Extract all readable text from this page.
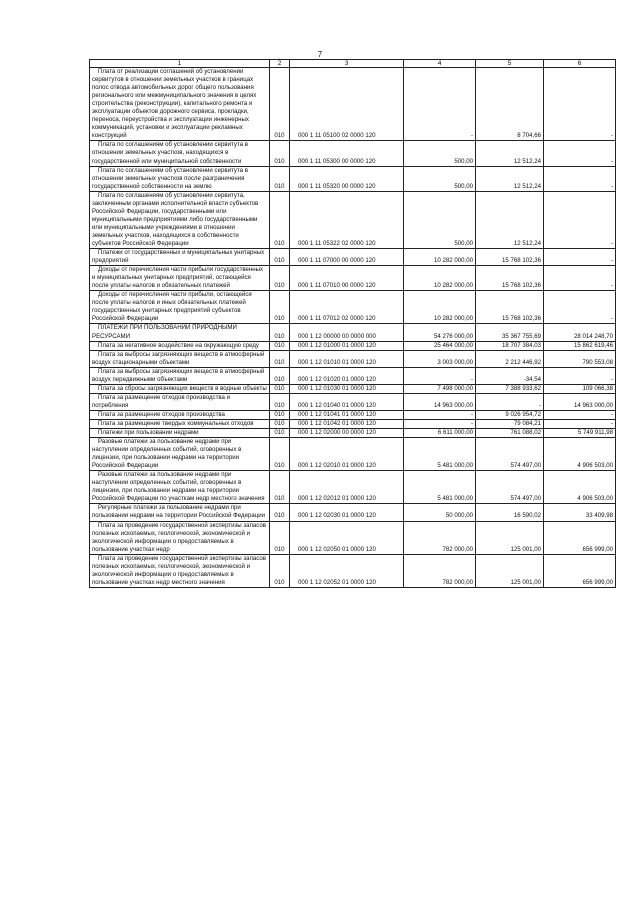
7
1	2	3	4	5	6

Плата от реализации соглашений об установлении сервитутов в отношении земельных участков в границах полос отвода автомобильных дорог общего пользования регионального или межмуниципального значения в целях строительства (реконструкции), капитального ремонта и эксплуатации объектов дорожного сервиса, прокладки, переноса, переустройства и эксплуатации инженерных коммуникаций, установки и эксплуатации рекламных конструкций	010	000 1 11 05100 02 0000 120	-	8 704,66	-

Плата по соглашениям об установлении сервитута в отношении земельных участков, находящихся в государственной или муниципальной собственности	010	000 1 11 05300 00 0000 120	500,00	12 512,24	-

Плата по соглашениям об установлении сервитута в отношении земельных участков после разграничения государственной собственности на землю	010	000 1 11 05320 00 0000 120	500,00	12 512,24	-

Плата по соглашениям об установлении сервитута, заключенным органами исполнительной власти субъектов Российской Федерации, государственными или муниципальными предприятиями либо государственными или муниципальными учреждениями в отношении земельных участков, находящихся в собственности субъектов Российской Федерации	010	000 1 11 05322 02 0000 120	500,00	12 512,24	-

Платежи от государственных и муниципальных унитарных предприятий	010	000 1 11 07000 00 0000 120	10 282 000,00	15 768 102,36	-

Доходы от перечисления части прибыли государственных и муниципальных унитарных предприятий, остающейся после уплаты налогов и обязательных платежей	010	000 1 11 07010 00 0000 120	10 282 000,00	15 768 102,36	-

Доходы от перечисления части прибыли, остающейся после уплаты налогов и иных обязательных платежей государственных унитарных предприятий субъектов Российской Федерации	010	000 1 11 07012 02 0000 120	10 282 000,00	15 768 102,36	-

ПЛАТЕЖИ ПРИ ПОЛЬЗОВАНИИ ПРИРОДНЫМИ РЕСУРСАМИ	010	000 1 12 00000 00 0000 000	54 276 000,00	35 367 755,69	28 014 248,70

Плата за негативное воздействие на окружающую среду	010	000 1 12 01000 01 0000 120	25 464 000,00	18 707 384,03	15 862 619,46

Плата за выбросы загрязняющих веществ в атмосферный воздух стационарными объектами	010	000 1 12 01010 01 0000 120	3 003 000,00	2 212 446,92	790 553,08

Плата за выбросы загрязняющих веществ в атмосферный воздух передвижными объектами	010	000 1 12 01020 01 0000 120	-	-34,54	-

Плата за сбросы загрязняющих веществ в водные объекты	010	000 1 12 01030 01 0000 120	7 498 000,00	7 388 933,62	109 066,38

Плата за размещение отходов производства и потребления	010	000 1 12 01040 01 0000 120	14 963 000,00	-	14 963 000,00

Плата за размещение отходов производства	010	000 1 12 01041 01 0000 120	-	9 026 954,72	-

Плата за размещение твердых коммунальных отходов	010	000 1 12 01042 01 0000 120	-	79 084,21	-

Платежи при пользовании недрами	010	000 1 12 02000 00 0000 120	6 611 000,00	761 088,02	5 749 911,98

Разовые платежи за пользование недрами при наступлении определенных событий, оговоренных в лицензии, при пользовании недрами на территории Российской Федерации	010	000 1 12 02010 01 0000 120	5 481 000,00	574 497,00	4 906 503,00

Разовые платежи за пользование недрами при наступлении определенных событий, оговоренных в лицензии, при пользовании недрами на территории Российской Федерации по участкам недр местного значения	010	000 1 12 02012 01 0000 120	5 481 000,00	574 497,00	4 906 503,00

Регулярные платежи за пользование недрами при пользовании недрами на территории Российской Федерации	010	000 1 12 02030 01 0000 120	50 000,00	16 590,02	33 409,98

Плата за проведение государственной экспертизы запасов полезных ископаемых, геологической, экономической и экологической информации о предоставляемых в пользование участках недр	010	000 1 12 02050 01 0000 120	782 000,00	125 001,00	656 999,00

Плата за проведение государственной экспертизы запасов полезных ископаемых, геологической, экономической и экологической информации о предоставляемых в пользование участках недр местного значения	010	000 1 12 02052 01 0000 120	782 000,00	125 001,00	656 999,00
